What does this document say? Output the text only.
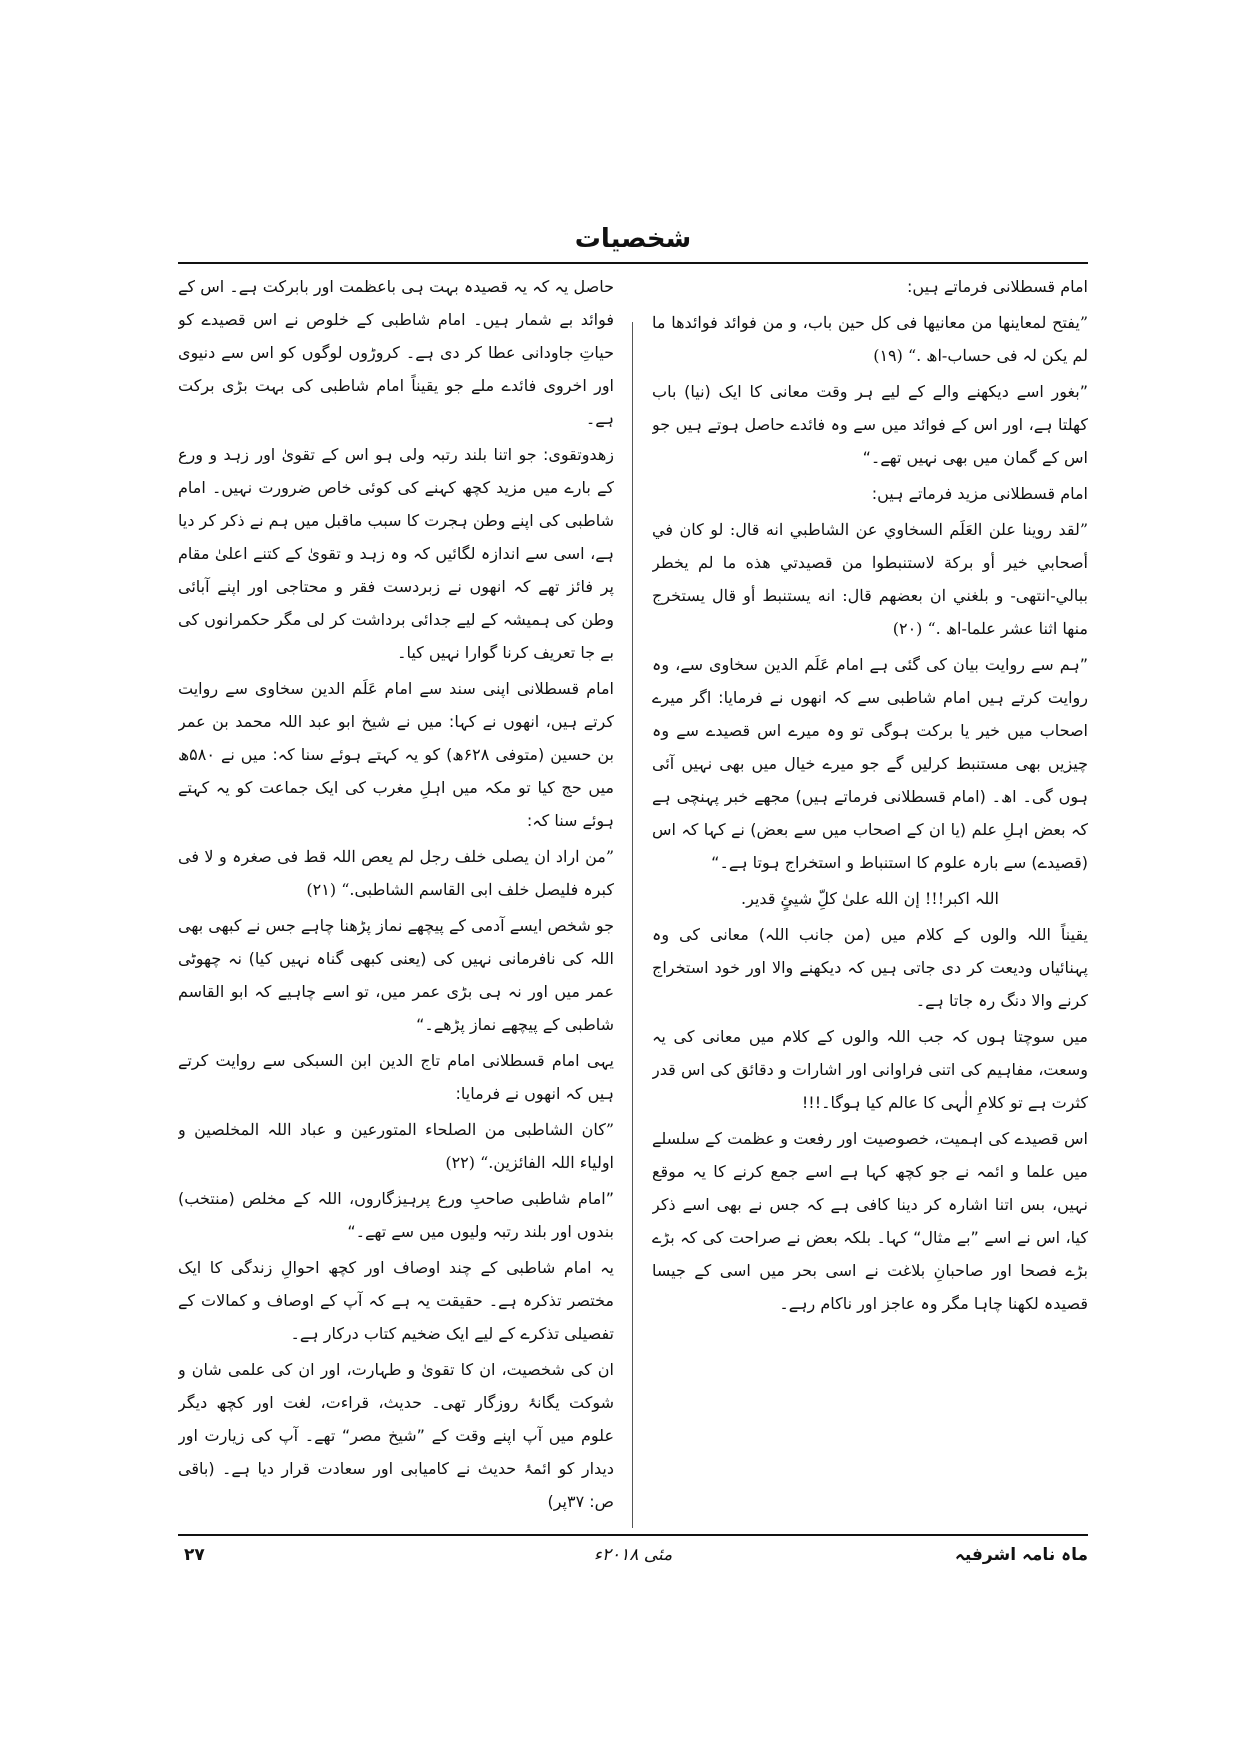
شخصیات

امام قسطلانی فرماتے ہیں:

”یفتح لمعاینھا من معانیھا فی کل حین باب، و من فوائد فوائدھا ما لم یکن لہ فی حساب-اھ .“ (۱۹)

”بغور اسے دیکھنے والے کے لیے ہر وقت معانی کا ایک (نیا) باب کھلتا ہے، اور اس کے فوائد میں سے وہ فائدے حاصل ہوتے ہیں جو اس کے گمان میں بھی نہیں تھے۔“

امام قسطلانی مزید فرماتے ہیں:

”لقد روینا علن العَلَم السخاوي عن الشاطبي انه قال: لو كان في أصحابي خير أو بركة لاستنبطوا من قصيدتي هذه ما لم يخطر ببالي-انتهى- و بلغني ان بعضهم قال: انه يستنبط أو قال يستخرج منها اثنا عشر علما-اھ .“ (۲۰)

”ہم سے روایت بیان کی گئی ہے امام عَلَم الدین سخاوی سے، وہ روایت کرتے ہیں امام شاطبی سے کہ انھوں نے فرمایا: اگر میرے اصحاب میں خیر یا برکت ہوگی تو وہ میرے اس قصیدے سے وہ چیزیں بھی مستنبط کرلیں گے جو میرے خیال میں بھی نہیں آئی ہوں گی۔ اھ۔ (امام قسطلانی فرماتے ہیں) مجھے خبر پہنچی ہے کہ بعض اہلِ علم (یا ان کے اصحاب میں سے بعض) نے کہا کہ اس (قصیدے) سے بارہ علوم کا استنباط و استخراج ہوتا ہے۔“

اللہ اکبر!!! إن الله علیٰ کلِّ شيئٍ قدیر.

یقیناً اللہ والوں کے کلام میں (من جانب اللہ) معانی کی وہ پہنائیاں ودیعت کر دی جاتی ہیں کہ دیکھنے والا اور خود استخراج کرنے والا دنگ رہ جاتا ہے۔

میں سوچتا ہوں کہ جب اللہ والوں کے کلام میں معانی کی یہ وسعت، مفاہیم کی اتنی فراوانی اور اشارات و دقائق کی اس قدر کثرت ہے تو کلامِ الٰہی کا عالم کیا ہوگا۔!!!

اس قصیدے کی اہمیت، خصوصیت اور رفعت و عظمت کے سلسلے میں علما و ائمہ نے جو کچھ کہا ہے اسے جمع کرنے کا یہ موقع نہیں، بس اتنا اشارہ کر دینا کافی ہے کہ جس نے بھی اسے ذکر کیا، اس نے اسے ”بے مثال“ کہا۔ بلکہ بعض نے صراحت کی کہ بڑے بڑے فصحا اور صاحبانِ بلاغت نے اسی بحر میں اسی کے جیسا قصیدہ لکھنا چاہا مگر وہ عاجز اور ناکام رہے۔

حاصل یہ کہ یہ قصیدہ بہت ہی باعظمت اور بابرکت ہے۔ اس کے فوائد بے شمار ہیں۔ امام شاطبی کے خلوص نے اس قصیدے کو حیاتِ جاودانی عطا کر دی ہے۔ کروڑوں لوگوں کو اس سے دنیوی اور اخروی فائدے ملے جو یقیناً امام شاطبی کی بہت بڑی برکت ہے۔

زھدوتقوی: جو اتنا بلند رتبہ ولی ہو اس کے تقویٰ اور زہد و ورع کے بارے میں مزید کچھ کہنے کی کوئی خاص ضرورت نہیں۔ امام شاطبی کی اپنے وطن ہجرت کا سبب ماقبل میں ہم نے ذکر کر دیا ہے، اسی سے اندازہ لگائیں کہ وہ زہد و تقویٰ کے کتنے اعلیٰ مقام پر فائز تھے کہ انھوں نے زبردست فقر و محتاجی اور اپنے آبائی وطن کی ہمیشہ کے لیے جدائی برداشت کر لی مگر حکمرانوں کی بے جا تعریف کرنا گوارا نہیں کیا۔

امام قسطلانی اپنی سند سے امام عَلَم الدین سخاوی سے روایت کرتے ہیں، انھوں نے کہا: میں نے شیخ ابو عبد اللہ محمد بن عمر بن حسین (متوفی ۶۲۸ھ) کو یہ کہتے ہوئے سنا کہ: میں نے ۵۸۰ھ میں حج کیا تو مکہ میں اہلِ مغرب کی ایک جماعت کو یہ کہتے ہوئے سنا کہ:

”من اراد ان یصلی خلف رجل لم یعص اللہ قط فی صغرہ و لا فی کبرہ فلیصل خلف ابی القاسم الشاطبی.“ (۲۱)

جو شخص ایسے آدمی کے پیچھے نماز پڑھنا چاہے جس نے کبھی بھی اللہ کی نافرمانی نہیں کی (یعنی کبھی گناہ نہیں کیا) نہ چھوٹی عمر میں اور نہ ہی بڑی عمر میں، تو اسے چاہیے کہ ابو القاسم شاطبی کے پیچھے نماز پڑھے۔“

یہی امام قسطلانی امام تاج الدین ابن السبکی سے روایت کرتے ہیں کہ انھوں نے فرمایا:

”کان الشاطبی من الصلحاء المتورعین و عباد اللہ المخلصین و اولیاء اللہ الفائزین.“ (۲۲)

”امام شاطبی صاحبِ ورع پرہیزگاروں، اللہ کے مخلص (منتخب) بندوں اور بلند رتبہ ولیوں میں سے تھے۔“

یہ امام شاطبی کے چند اوصاف اور کچھ احوالِ زندگی کا ایک مختصر تذکرہ ہے۔ حقیقت یہ ہے کہ آپ کے اوصاف و کمالات کے تفصیلی تذکرے کے لیے ایک ضخیم کتاب درکار ہے۔

ان کی شخصیت، ان کا تقویٰ و طہارت، اور ان کی علمی شان و شوکت یگانۂ روزگار تھی۔ حدیث، قراءت، لغت اور کچھ دیگر علوم میں آپ اپنے وقت کے ”شیخ مصر“ تھے۔ آپ کی زیارت اور دیدار کو ائمۂ حدیث نے کامیابی اور سعادت قرار دیا ہے۔ (باقی ص: ۳۷پر)

ماہ نامہ اشرفیہ
مئی ۲۰۱۸ء
۲۷
